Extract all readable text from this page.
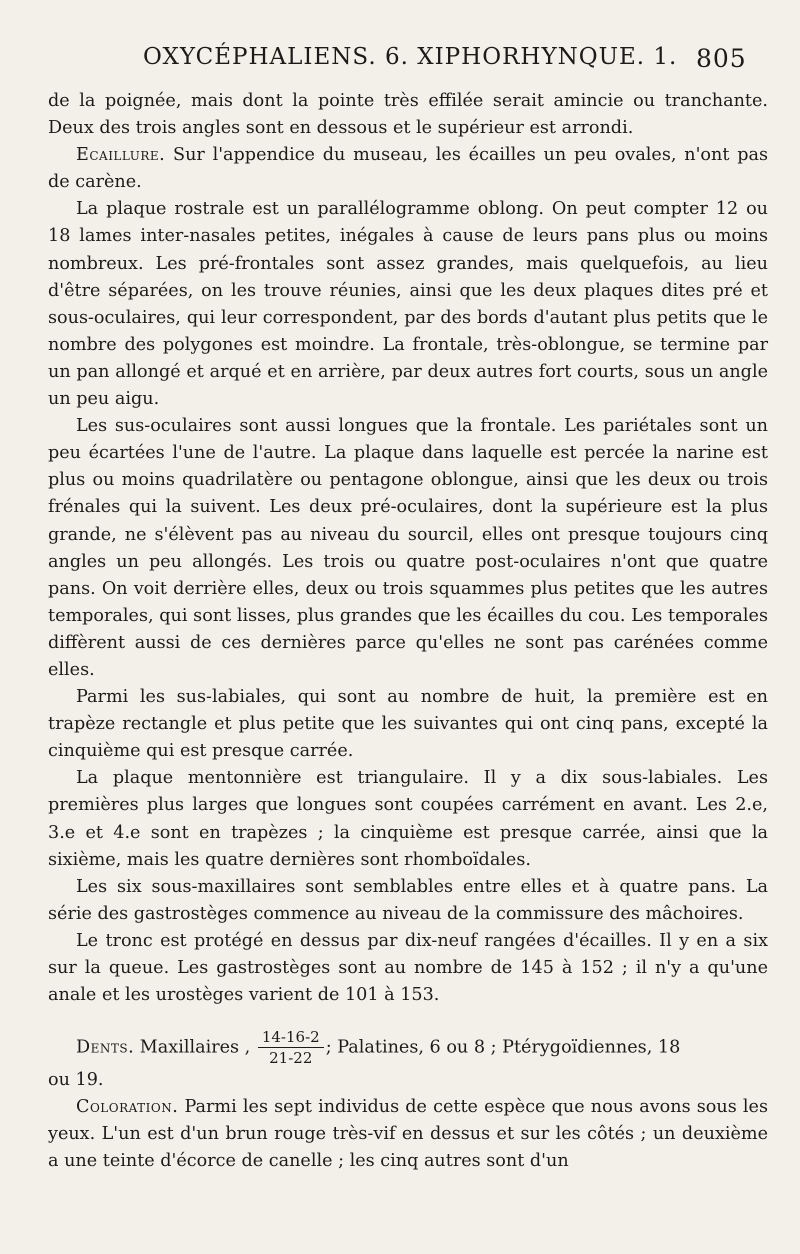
OXYCÉPHALIENS. 6. XIPHORHYNQUE. 1. 805

de la poignée, mais dont la pointe très effilée serait amincie ou tranchante. Deux des trois angles sont en dessous et le supérieur est arrondi.

Ecaillure. Sur l'appendice du museau, les écailles un peu ovales, n'ont pas de carène.

La plaque rostrale est un parallélogramme oblong. On peut compter 12 ou 18 lames inter-nasales petites, inégales à cause de leurs pans plus ou moins nombreux. Les pré-frontales sont assez grandes, mais quelquefois, au lieu d'être séparées, on les trouve réunies, ainsi que les deux plaques dites pré et sous-oculaires, qui leur correspondent, par des bords d'autant plus petits que le nombre des polygones est moindre. La frontale, très-oblongue, se termine par un pan allongé et arqué et en arrière, par deux autres fort courts, sous un angle un peu aigu.

Les sus-oculaires sont aussi longues que la frontale. Les pariétales sont un peu écartées l'une de l'autre. La plaque dans laquelle est percée la narine est plus ou moins quadrilatère ou pentagone oblongue, ainsi que les deux ou trois frénales qui la suivent. Les deux pré-oculaires, dont la supérieure est la plus grande, ne s'élèvent pas au niveau du sourcil, elles ont presque toujours cinq angles un peu allongés. Les trois ou quatre post-oculaires n'ont que quatre pans. On voit derrière elles, deux ou trois squammes plus petites que les autres temporales, qui sont lisses, plus grandes que les écailles du cou. Les temporales diffèrent aussi de ces dernières parce qu'elles ne sont pas carénées comme elles.

Parmi les sus-labiales, qui sont au nombre de huit, la première est en trapèze rectangle et plus petite que les suivantes qui ont cinq pans, excepté la cinquième qui est presque carrée.

La plaque mentonnière est triangulaire. Il y a dix sous-labiales. Les premières plus larges que longues sont coupées carrément en avant. Les 2.e, 3.e et 4.e sont en trapèzes ; la cinquième est presque carrée, ainsi que la sixième, mais les quatre dernières sont rhomboïdales.

Les six sous-maxillaires sont semblables entre elles et à quatre pans. La série des gastrostèges commence au niveau de la commissure des mâchoires.

Le tronc est protégé en dessus par dix-neuf rangées d'écailles. Il y en a six sur la queue. Les gastrostèges sont au nombre de 145 à 152 ; il n'y a qu'une anale et les urostèges varient de 101 à 153.

Dents. Maxillaires , $\frac{14-16-2}{21-22}$ ; Palatines, 6 ou 8 ; Ptérygoïdiennes, 18

ou 19.

Coloration. Parmi les sept individus de cette espèce que nous avons sous les yeux. L'un est d'un brun rouge très-vif en dessus et sur les côtés ; un deuxième a une teinte d'écorce de canelle ; les cinq autres sont d'un
